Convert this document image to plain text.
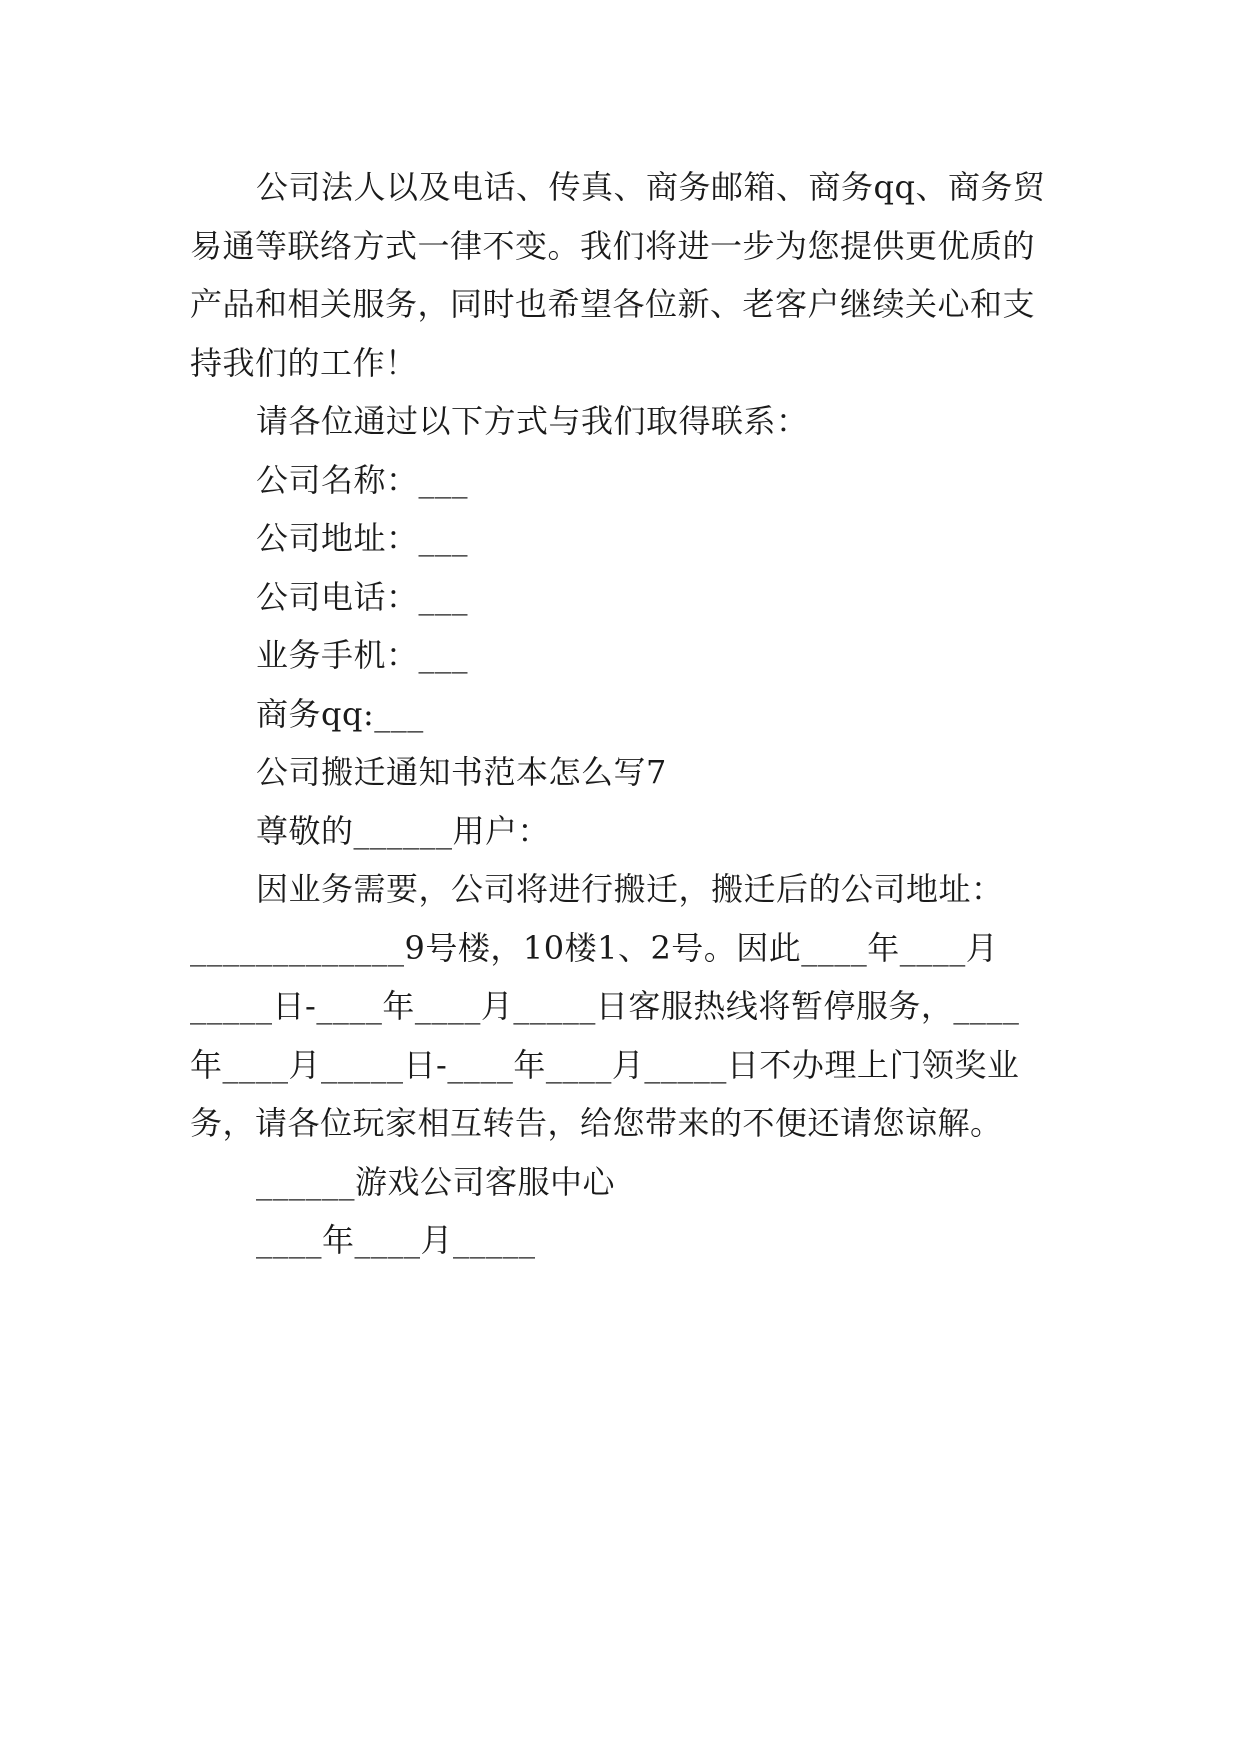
公司法人以及电话、传真、商务邮箱、商务qq、商务贸
易通等联络方式一律不变。我们将进一步为您提供更优质的
产品和相关服务，同时也希望各位新、老客户继续关心和支
持我们的工作！
请各位通过以下方式与我们取得联系：
公司名称：___
公司地址：___
公司电话：___
业务手机：___
商务qq:___
公司搬迁通知书范本怎么写7
尊敬的______用户：
因业务需要，公司将进行搬迁，搬迁后的公司地址：
_____________9号楼，10楼1、2号。因此____年____月
_____日-____年____月_____日客服热线将暂停服务，____
年____月_____日-____年____月_____日不办理上门领奖业
务，请各位玩家相互转告，给您带来的不便还请您谅解。
______游戏公司客服中心
____年____月_____
